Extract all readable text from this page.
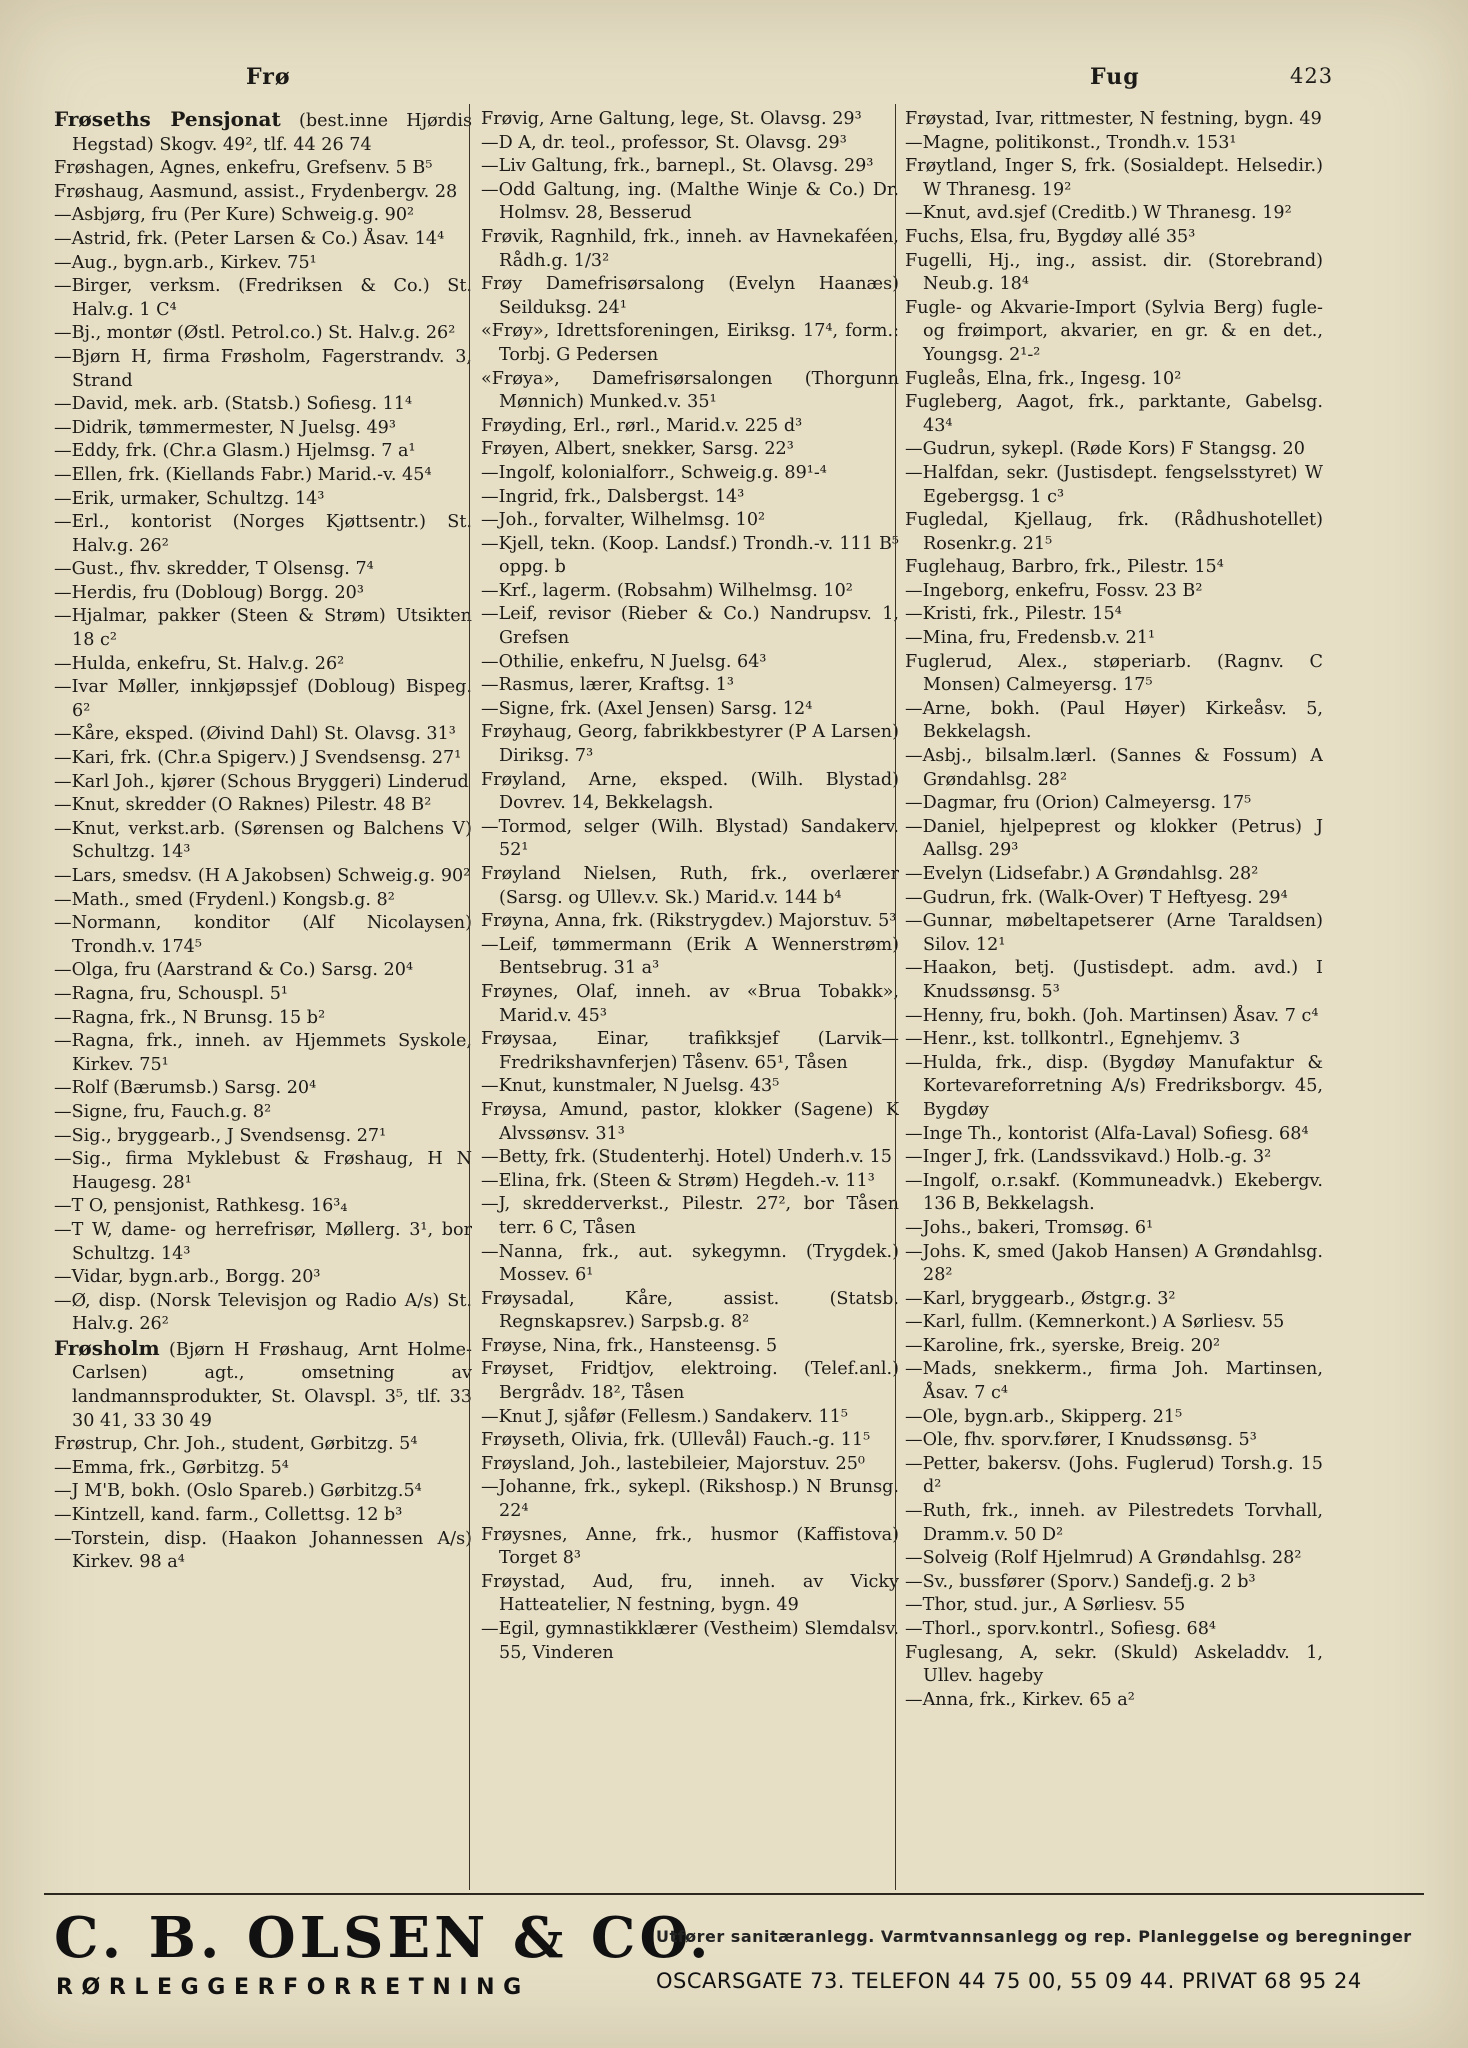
Frø	Fug	423

Frøseths Pensjonat (best.inne Hjørdis Hegstad) Skogv. 49², tlf. 44 26 74

Frøshagen, Agnes, enkefru, Grefsenv. 5 B⁵

Frøshaug, Aasmund, assist., Frydenbergv. 28

—Asbjørg, fru (Per Kure) Schweig.g. 90²

—Astrid, frk. (Peter Larsen & Co.) Åsav. 14⁴

—Aug., bygn.arb., Kirkev. 75¹

—Birger, verksm. (Fredriksen & Co.) St. Halv.g. 1 C⁴

—Bj., montør (Østl. Petrol.co.) St. Halv.g. 26²

—Bjørn H, firma Frøsholm, Fagerstrandv. 3, Strand

—David, mek. arb. (Statsb.) Sofiesg. 11⁴

—Didrik, tømmermester, N Juelsg. 49³

—Eddy, frk. (Chr.a Glasm.) Hjelmsg. 7 a¹

—Ellen, frk. (Kiellands Fabr.) Marid.-v. 45⁴

—Erik, urmaker, Schultzg. 14³

—Erl., kontorist (Norges Kjøttsentr.) St. Halv.g. 26²

—Gust., fhv. skredder, T Olsensg. 7⁴

—Herdis, fru (Dobloug) Borgg. 20³

—Hjalmar, pakker (Steen & Strøm) Utsikten 18 c²

—Hulda, enkefru, St. Halv.g. 26²

—Ivar Møller, innkjøpssjef (Dobloug) Bispeg. 6²

—Kåre, eksped. (Øivind Dahl) St. Olavsg. 31³

—Kari, frk. (Chr.a Spigerv.) J Svendsensg. 27¹

—Karl Joh., kjører (Schous Bryggeri) Linderud

—Knut, skredder (O Raknes) Pilestr. 48 B²

—Knut, verkst.arb. (Sørensen og Balchens V) Schultzg. 14³

—Lars, smedsv. (H A Jakobsen) Schweig.g. 90²

—Math., smed (Frydenl.) Kongsb.g. 8²

—Normann, konditor (Alf Nicolaysen) Trondh.v. 174⁵

—Olga, fru (Aarstrand & Co.) Sarsg. 20⁴

—Ragna, fru, Schouspl. 5¹

—Ragna, frk., N Brunsg. 15 b²

—Ragna, frk., inneh. av Hjemmets Syskole, Kirkev. 75¹

—Rolf (Bærumsb.) Sarsg. 20⁴

—Signe, fru, Fauch.g. 8²

—Sig., bryggearb., J Svendsensg. 27¹

—Sig., firma Myklebust & Frøshaug, H N Haugesg. 28¹

—T O, pensjonist, Rathkesg. 16³₄

—T W, dame- og herrefrisør, Møllerg. 3¹, bor Schultzg. 14³

—Vidar, bygn.arb., Borgg. 20³

—Ø, disp. (Norsk Televisjon og Radio A/s) St. Halv.g. 26²

Frøsholm (Bjørn H Frøshaug, Arnt Holme-Carlsen) agt., omsetning av landmannsprodukter, St. Olavspl. 3⁵, tlf. 33 30 41, 33 30 49

Frøstrup, Chr. Joh., student, Gørbitzg. 5⁴

—Emma, frk., Gørbitzg. 5⁴

—J M'B, bokh. (Oslo Spareb.) Gørbitzg.5⁴

—Kintzell, kand. farm., Collettsg. 12 b³

—Torstein, disp. (Haakon Johannessen A/s) Kirkev. 98 a⁴

Frøvig, Arne Galtung, lege, St. Olavsg. 29³

—D A, dr. teol., professor, St. Olavsg. 29³

—Liv Galtung, frk., barnepl., St. Olavsg. 29³

—Odd Galtung, ing. (Malthe Winje & Co.) Dr. Holmsv. 28, Besserud

Frøvik, Ragnhild, frk., inneh. av Havnekaféen, Rådh.g. 1/3²

Frøy Damefrisørsalong (Evelyn Haanæs) Seilduksg. 24¹

«Frøy», Idrettsforeningen, Eiriksg. 17⁴, form.: Torbj. G Pedersen

«Frøya», Damefrisørsalongen (Thorgunn Mønnich) Munked.v. 35¹

Frøyding, Erl., rørl., Marid.v. 225 d³

Frøyen, Albert, snekker, Sarsg. 22³

—Ingolf, kolonialforr., Schweig.g. 89¹-⁴

—Ingrid, frk., Dalsbergst. 14³

—Joh., forvalter, Wilhelmsg. 10²

—Kjell, tekn. (Koop. Landsf.) Trondh.-v. 111 B⁵ oppg. b

—Krf., lagerm. (Robsahm) Wilhelmsg. 10²

—Leif, revisor (Rieber & Co.) Nandrupsv. 1, Grefsen

—Othilie, enkefru, N Juelsg. 64³

—Rasmus, lærer, Kraftsg. 1³

—Signe, frk. (Axel Jensen) Sarsg. 12⁴

Frøyhaug, Georg, fabrikkbestyrer (P A Larsen) Diriksg. 7³

Frøyland, Arne, eksped. (Wilh. Blystad) Dovrev. 14, Bekkelagsh.

—Tormod, selger (Wilh. Blystad) Sandakerv. 52¹

Frøyland Nielsen, Ruth, frk., overlærer (Sarsg. og Ullev.v. Sk.) Marid.v. 144 b⁴

Frøyna, Anna, frk. (Rikstrygdev.) Majorstuv. 5³

—Leif, tømmermann (Erik A Wennerstrøm) Bentsebrug. 31 a³

Frøynes, Olaf, inneh. av «Brua Tobakk», Marid.v. 45³

Frøysaa, Einar, trafikksjef (Larvik—Fredrikshavnferjen) Tåsenv. 65¹, Tåsen

—Knut, kunstmaler, N Juelsg. 43⁵

Frøysa, Amund, pastor, klokker (Sagene) K Alvssønsv. 31³

—Betty, frk. (Studenterhj. Hotel) Underh.v. 15

—Elina, frk. (Steen & Strøm) Hegdeh.-v. 11³

—J, skredderverkst., Pilestr. 27², bor Tåsen terr. 6 C, Tåsen

—Nanna, frk., aut. sykegymn. (Trygdek.) Mossev. 6¹

Frøysadal, Kåre, assist. (Statsb. Regnskapsrev.) Sarpsb.g. 8²

Frøyse, Nina, frk., Hansteensg. 5

Frøyset, Fridtjov, elektroing. (Telef.anl.) Bergrådv. 18², Tåsen

—Knut J, sjåfør (Fellesm.) Sandakerv. 11⁵

Frøyseth, Olivia, frk. (Ullevål) Fauch.-g. 11⁵

Frøysland, Joh., lastebileier, Majorstuv. 25⁰

—Johanne, frk., sykepl. (Rikshosp.) N Brunsg. 22⁴

Frøysnes, Anne, frk., husmor (Kaffistova) Torget 8³

Frøystad, Aud, fru, inneh. av Vicky Hatteatelier, N festning, bygn. 49

—Egil, gymnastikklærer (Vestheim) Slemdalsv. 55, Vinderen

Frøystad, Ivar, rittmester, N festning, bygn. 49

—Magne, politikonst., Trondh.v. 153¹

Frøytland, Inger S, frk. (Sosialdept. Helsedir.) W Thranesg. 19²

—Knut, avd.sjef (Creditb.) W Thranesg. 19²

Fuchs, Elsa, fru, Bygdøy allé 35³

Fugelli, Hj., ing., assist. dir. (Storebrand) Neub.g. 18⁴

Fugle- og Akvarie-Import (Sylvia Berg) fugle- og frøimport, akvarier, en gr. & en det., Youngsg. 2¹-²

Fugleås, Elna, frk., Ingesg. 10²

Fugleberg, Aagot, frk., parktante, Gabelsg. 43⁴

—Gudrun, sykepl. (Røde Kors) F Stangsg. 20

—Halfdan, sekr. (Justisdept. fengselsstyret) W Egebergsg. 1 c³

Fugledal, Kjellaug, frk. (Rådhushotellet) Rosenkr.g. 21⁵

Fuglehaug, Barbro, frk., Pilestr. 15⁴

—Ingeborg, enkefru, Fossv. 23 B²

—Kristi, frk., Pilestr. 15⁴

—Mina, fru, Fredensb.v. 21¹

Fuglerud, Alex., støperiarb. (Ragnv. C Monsen) Calmeyersg. 17⁵

—Arne, bokh. (Paul Høyer) Kirkeåsv. 5, Bekkelagsh.

—Asbj., bilsalm.lærl. (Sannes & Fossum) A Grøndahlsg. 28²

—Dagmar, fru (Orion) Calmeyersg. 17⁵

—Daniel, hjelpeprest og klokker (Petrus) J Aallsg. 29³

—Evelyn (Lidsefabr.) A Grøndahlsg. 28²

—Gudrun, frk. (Walk-Over) T Heftyesg. 29⁴

—Gunnar, møbeltapetserer (Arne Taraldsen) Silov. 12¹

—Haakon, betj. (Justisdept. adm. avd.) I Knudssønsg. 5³

—Henny, fru, bokh. (Joh. Martinsen) Åsav. 7 c⁴

—Henr., kst. tollkontrl., Egnehjemv. 3

—Hulda, frk., disp. (Bygdøy Manufaktur & Kortevareforretning A/s) Fredriksborgv. 45, Bygdøy

—Inge Th., kontorist (Alfa-Laval) Sofiesg. 68⁴

—Inger J, frk. (Landssvikavd.) Holb.-g. 3²

—Ingolf, o.r.sakf. (Kommuneadvk.) Ekebergv. 136 B, Bekkelagsh.

—Johs., bakeri, Tromsøg. 6¹

—Johs. K, smed (Jakob Hansen) A Grøndahlsg. 28²

—Karl, bryggearb., Østgr.g. 3²

—Karl, fullm. (Kemnerkont.) A Sørliesv. 55

—Karoline, frk., syerske, Breig. 20²

—Mads, snekkerm., firma Joh. Martinsen, Åsav. 7 c⁴

—Ole, bygn.arb., Skipperg. 21⁵

—Ole, fhv. sporv.fører, I Knudssønsg. 5³

—Petter, bakersv. (Johs. Fuglerud) Torsh.g. 15 d²

—Ruth, frk., inneh. av Pilestredets Torvhall, Dramm.v. 50 D²

—Solveig (Rolf Hjelmrud) A Grøndahlsg. 28²

—Sv., bussfører (Sporv.) Sandefj.g. 2 b³

—Thor, stud. jur., A Sørliesv. 55

—Thorl., sporv.kontrl., Sofiesg. 68⁴

Fuglesang, A, sekr. (Skuld) Askeladdv. 1, Ullev. hageby

—Anna, frk., Kirkev. 65 a²

C. B. OLSEN & CO.
RØRLEGGERFORRETNING
Utfører sanitæranlegg. Varmtvannsanlegg og rep. Planleggelse og beregninger
OSCARSGATE 73. TELEFON 44 75 00, 55 09 44. PRIVAT 68 95 24
